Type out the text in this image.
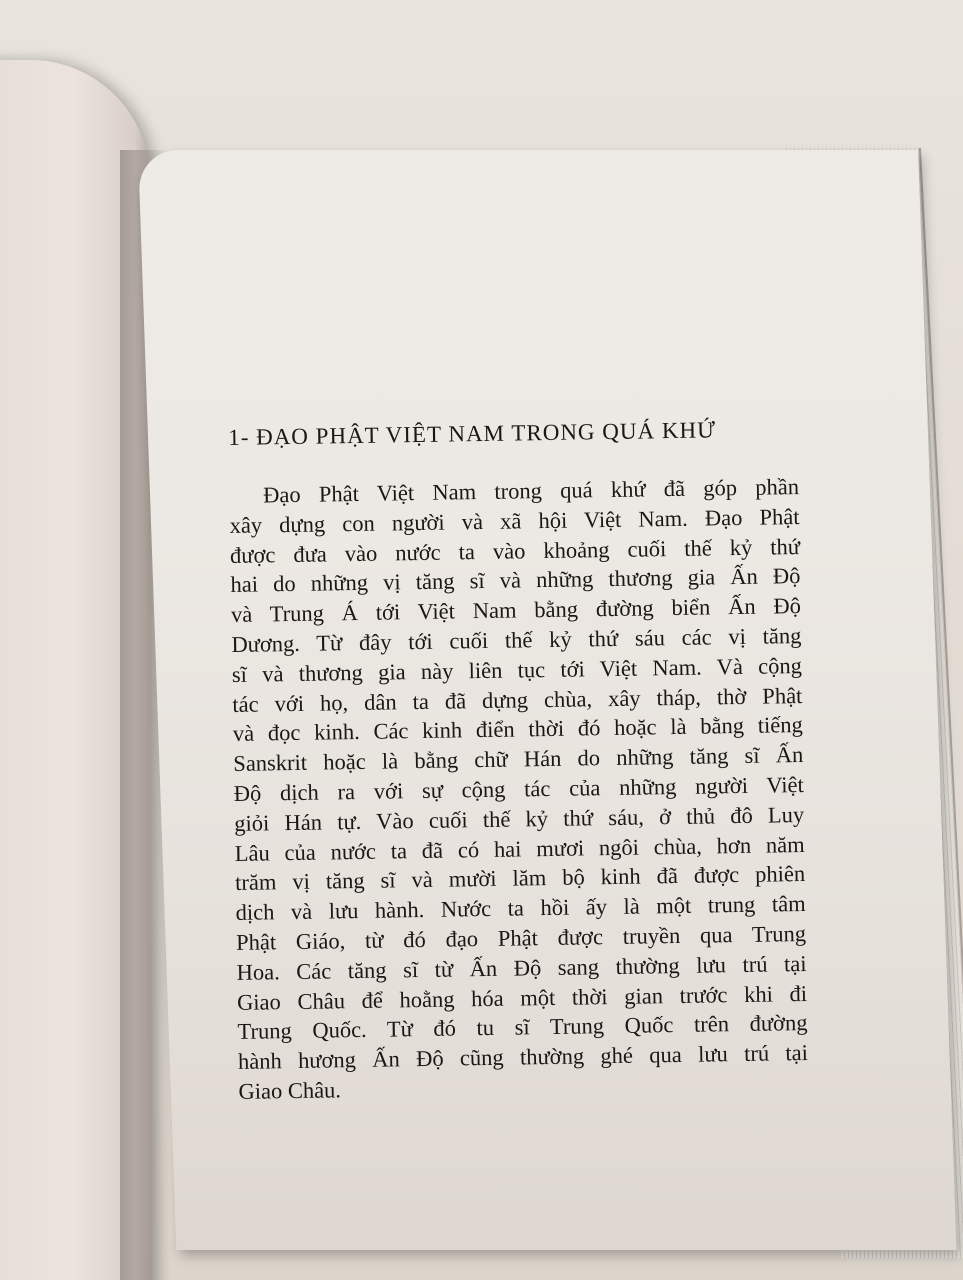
1- ĐẠO PHẬT VIỆT NAM TRONG QUÁ KHỨ

Đạo Phật Việt Nam trong quá khứ đã góp phần
xây dựng con người và xã hội Việt Nam. Đạo Phật
được đưa vào nước ta vào khoảng cuối thế kỷ thứ
hai do những vị tăng sĩ và những thương gia Ấn Độ
và Trung Á tới Việt Nam bằng đường biển Ấn Độ
Dương. Từ đây tới cuối thế kỷ thứ sáu các vị tăng
sĩ và thương gia này liên tục tới Việt Nam. Và cộng
tác với họ, dân ta đã dựng chùa, xây tháp, thờ Phật
và đọc kinh. Các kinh điển thời đó hoặc là bằng tiếng
Sanskrit hoặc là bằng chữ Hán do những tăng sĩ Ấn
Độ dịch ra với sự cộng tác của những người Việt
giỏi Hán tự. Vào cuối thế kỷ thứ sáu, ở thủ đô Luy
Lâu của nước ta đã có hai mươi ngôi chùa, hơn năm
trăm vị tăng sĩ và mười lăm bộ kinh đã được phiên
dịch và lưu hành. Nước ta hồi ấy là một trung tâm
Phật Giáo, từ đó đạo Phật được truyền qua Trung
Hoa. Các tăng sĩ từ Ấn Độ sang thường lưu trú tại
Giao Châu để hoằng hóa một thời gian trước khi đi
Trung Quốc. Từ đó tu sĩ Trung Quốc trên đường
hành hương Ấn Độ cũng thường ghé qua lưu trú tại
Giao Châu.
